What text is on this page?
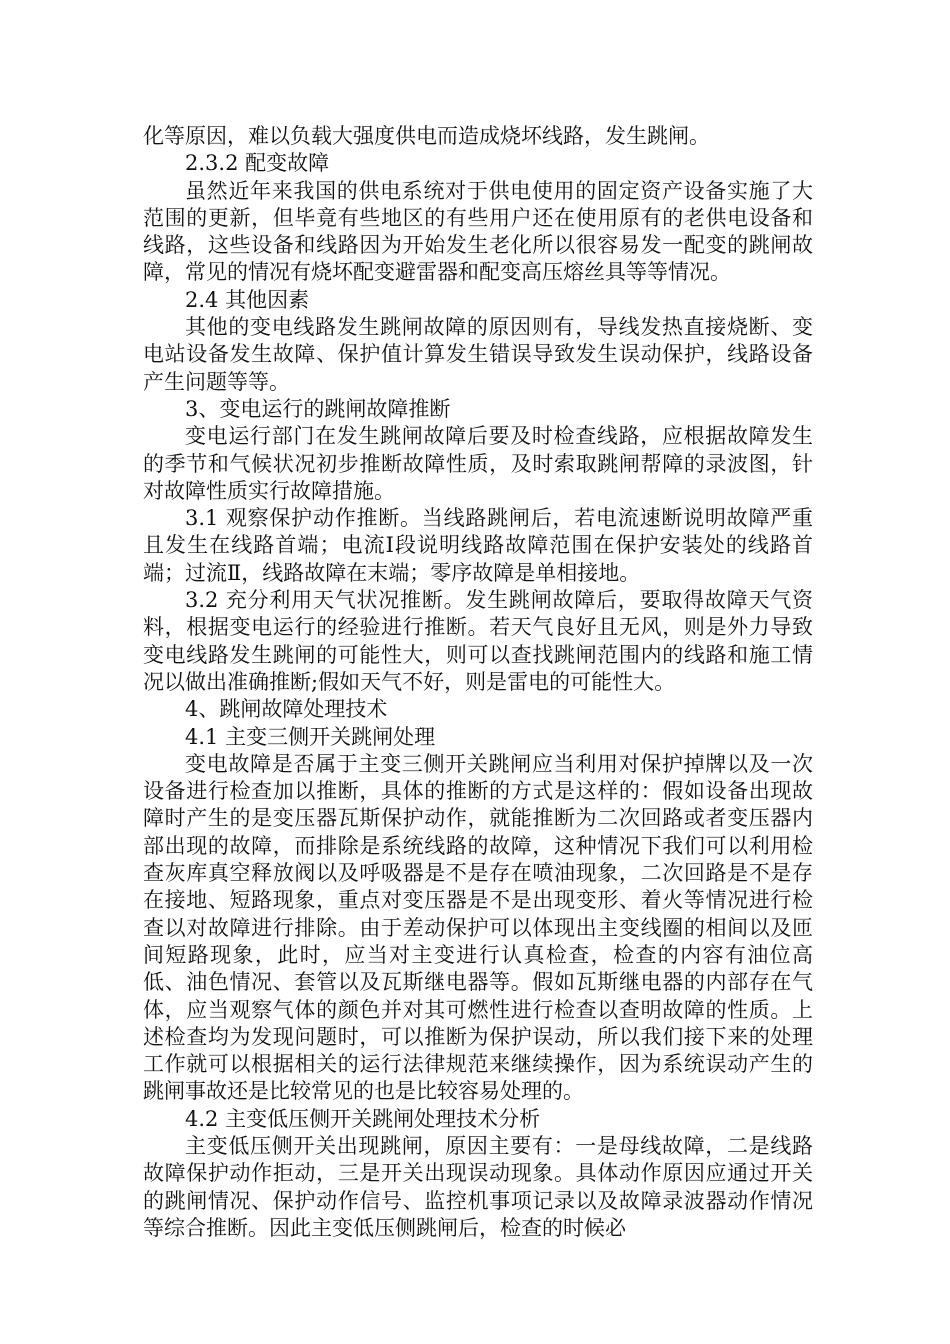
化等原因，难以负载大强度供电而造成烧坏线路，发生跳闸。

2.3.2 配变故障

虽然近年来我国的供电系统对于供电使用的固定资产设备实施了大范围的更新，但毕竟有些地区的有些用户还在使用原有的老供电设备和线路，这些设备和线路因为开始发生老化所以很容易发一配变的跳闸故障，常见的情况有烧坏配变避雷器和配变高压熔丝具等等情况。

2.4 其他因素

其他的变电线路发生跳闸故障的原因则有，导线发热直接烧断、变电站设备发生故障、保护值计算发生错误导致发生误动保护，线路设备产生问题等等。

3、变电运行的跳闸故障推断

变电运行部门在发生跳闸故障后要及时检查线路，应根据故障发生的季节和气候状况初步推断故障性质，及时索取跳闸帮障的录波图，针对故障性质实行故障措施。

3.1 观察保护动作推断。当线路跳闸后，若电流速断说明故障严重且发生在线路首端；电流Ⅰ段说明线路故障范围在保护安装处的线路首端；过流Ⅱ，线路故障在末端；零序故障是单相接地。

3.2 充分利用天气状况推断。发生跳闸故障后，要取得故障天气资料，根据变电运行的经验进行推断。若天气良好且无风，则是外力导致变电线路发生跳闸的可能性大，则可以查找跳闸范围内的线路和施工情况以做出准确推断;假如天气不好，则是雷电的可能性大。

4、跳闸故障处理技术

4.1 主变三侧开关跳闸处理

变电故障是否属于主变三侧开关跳闸应当利用对保护掉牌以及一次设备进行检查加以推断，具体的推断的方式是这样的：假如设备出现故障时产生的是变压器瓦斯保护动作，就能推断为二次回路或者变压器内部出现的故障，而排除是系统线路的故障，这种情况下我们可以利用检查灰库真空释放阀以及呼吸器是不是存在喷油现象，二次回路是不是存在接地、短路现象，重点对变压器是不是出现变形、着火等情况进行检查以对故障进行排除。由于差动保护可以体现出主变线圈的相间以及匝间短路现象，此时，应当对主变进行认真检查，检查的内容有油位高低、油色情况、套管以及瓦斯继电器等。假如瓦斯继电器的内部存在气体，应当观察气体的颜色并对其可燃性进行检查以查明故障的性质。上述检查均为发现问题时，可以推断为保护误动，所以我们接下来的处理工作就可以根据相关的运行法律规范来继续操作，因为系统误动产生的跳闸事故还是比较常见的也是比较容易处理的。

4.2 主变低压侧开关跳闸处理技术分析

主变低压侧开关出现跳闸，原因主要有：一是母线故障，二是线路故障保护动作拒动，三是开关出现误动现象。具体动作原因应通过开关的跳闸情况、保护动作信号、监控机事项记录以及故障录波器动作情况等综合推断。因此主变低压侧跳闸后，检查的时候必
